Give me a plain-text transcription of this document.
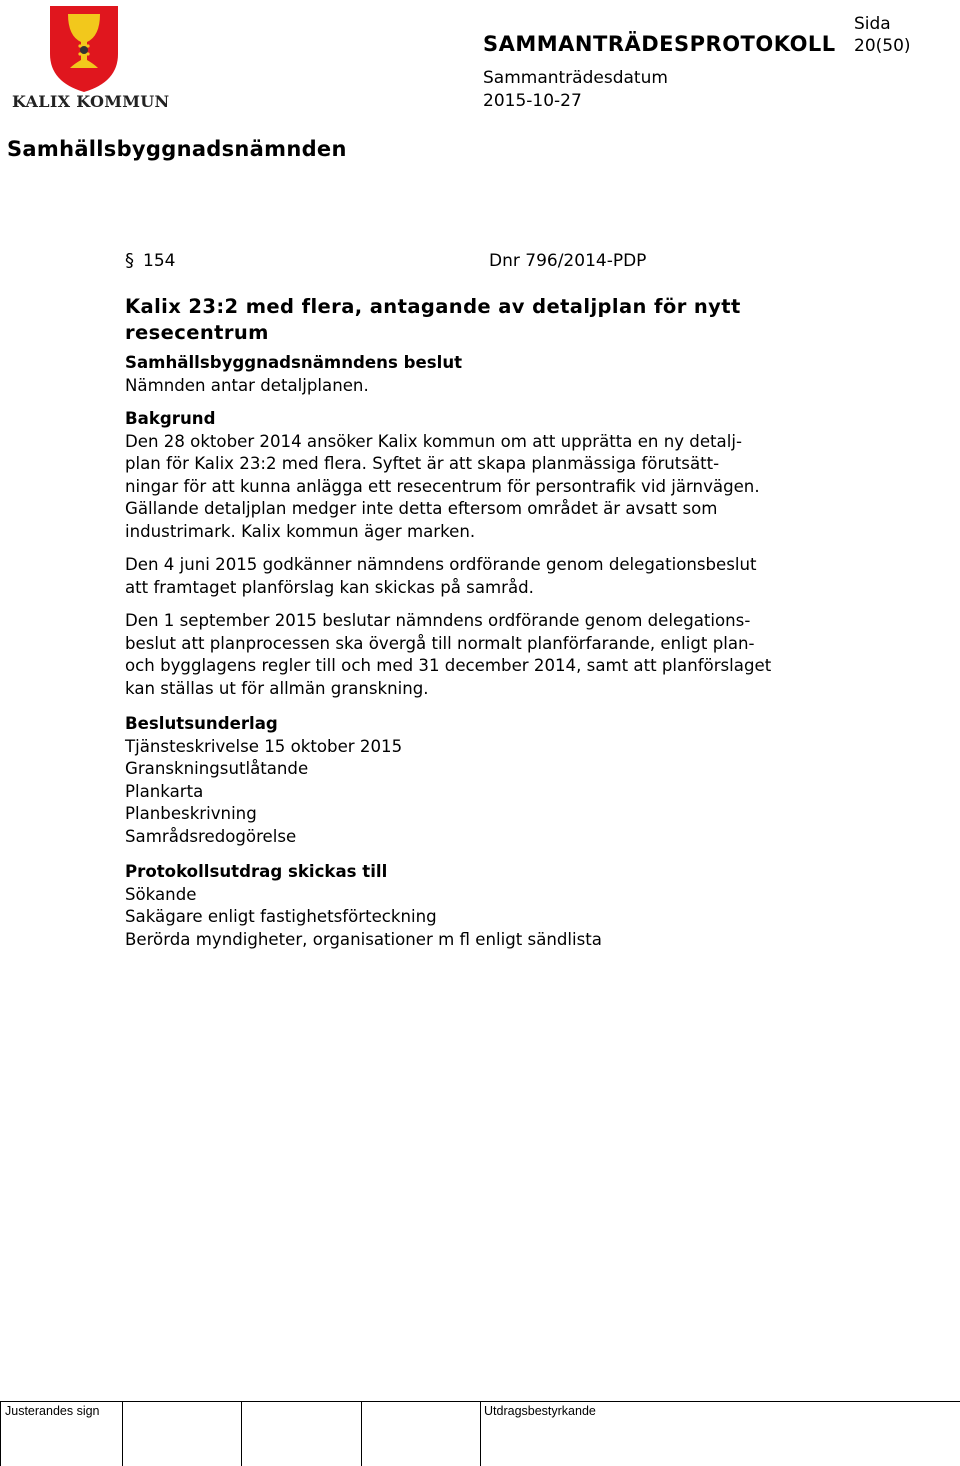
KALIX KOMMUN
SAMMANTRÄDESPROTOKOLL
Sida
20(50)
Sammanträdesdatum
2015-10-27
Samhällsbyggnadsnämnden
§ 154	Dnr 796/2014-PDP
Kalix 23:2 med flera, antagande av detaljplan för nytt resecentrum
Samhällsbyggnadsnämndens beslut
Nämnden antar detaljplanen.
Bakgrund
Den 28 oktober 2014 ansöker Kalix kommun om att upprätta en ny detalj-
plan för Kalix 23:2 med flera. Syftet är att skapa planmässiga förutsätt-
ningar för att kunna anlägga ett resecentrum för persontrafik vid järnvägen.
Gällande detaljplan medger inte detta eftersom området är avsatt som
industrimark. Kalix kommun äger marken.
Den 4 juni 2015 godkänner nämndens ordförande genom delegationsbeslut
att framtaget planförslag kan skickas på samråd.
Den 1 september 2015 beslutar nämndens ordförande genom delegations-
beslut att planprocessen ska övergå till normalt planförfarande, enligt plan-
och bygglagens regler till och med 31 december 2014, samt att planförslaget
kan ställas ut för allmän granskning.
Beslutsunderlag
Tjänsteskrivelse 15 oktober 2015
Granskningsutlåtande
Plankarta
Planbeskrivning
Samrådsredogörelse
Protokollsutdrag skickas till
Sökande
Sakägare enligt fastighetsförteckning
Berörda myndigheter, organisationer m fl enligt sändlista
Justerandes sign	Utdragsbestyrkande
